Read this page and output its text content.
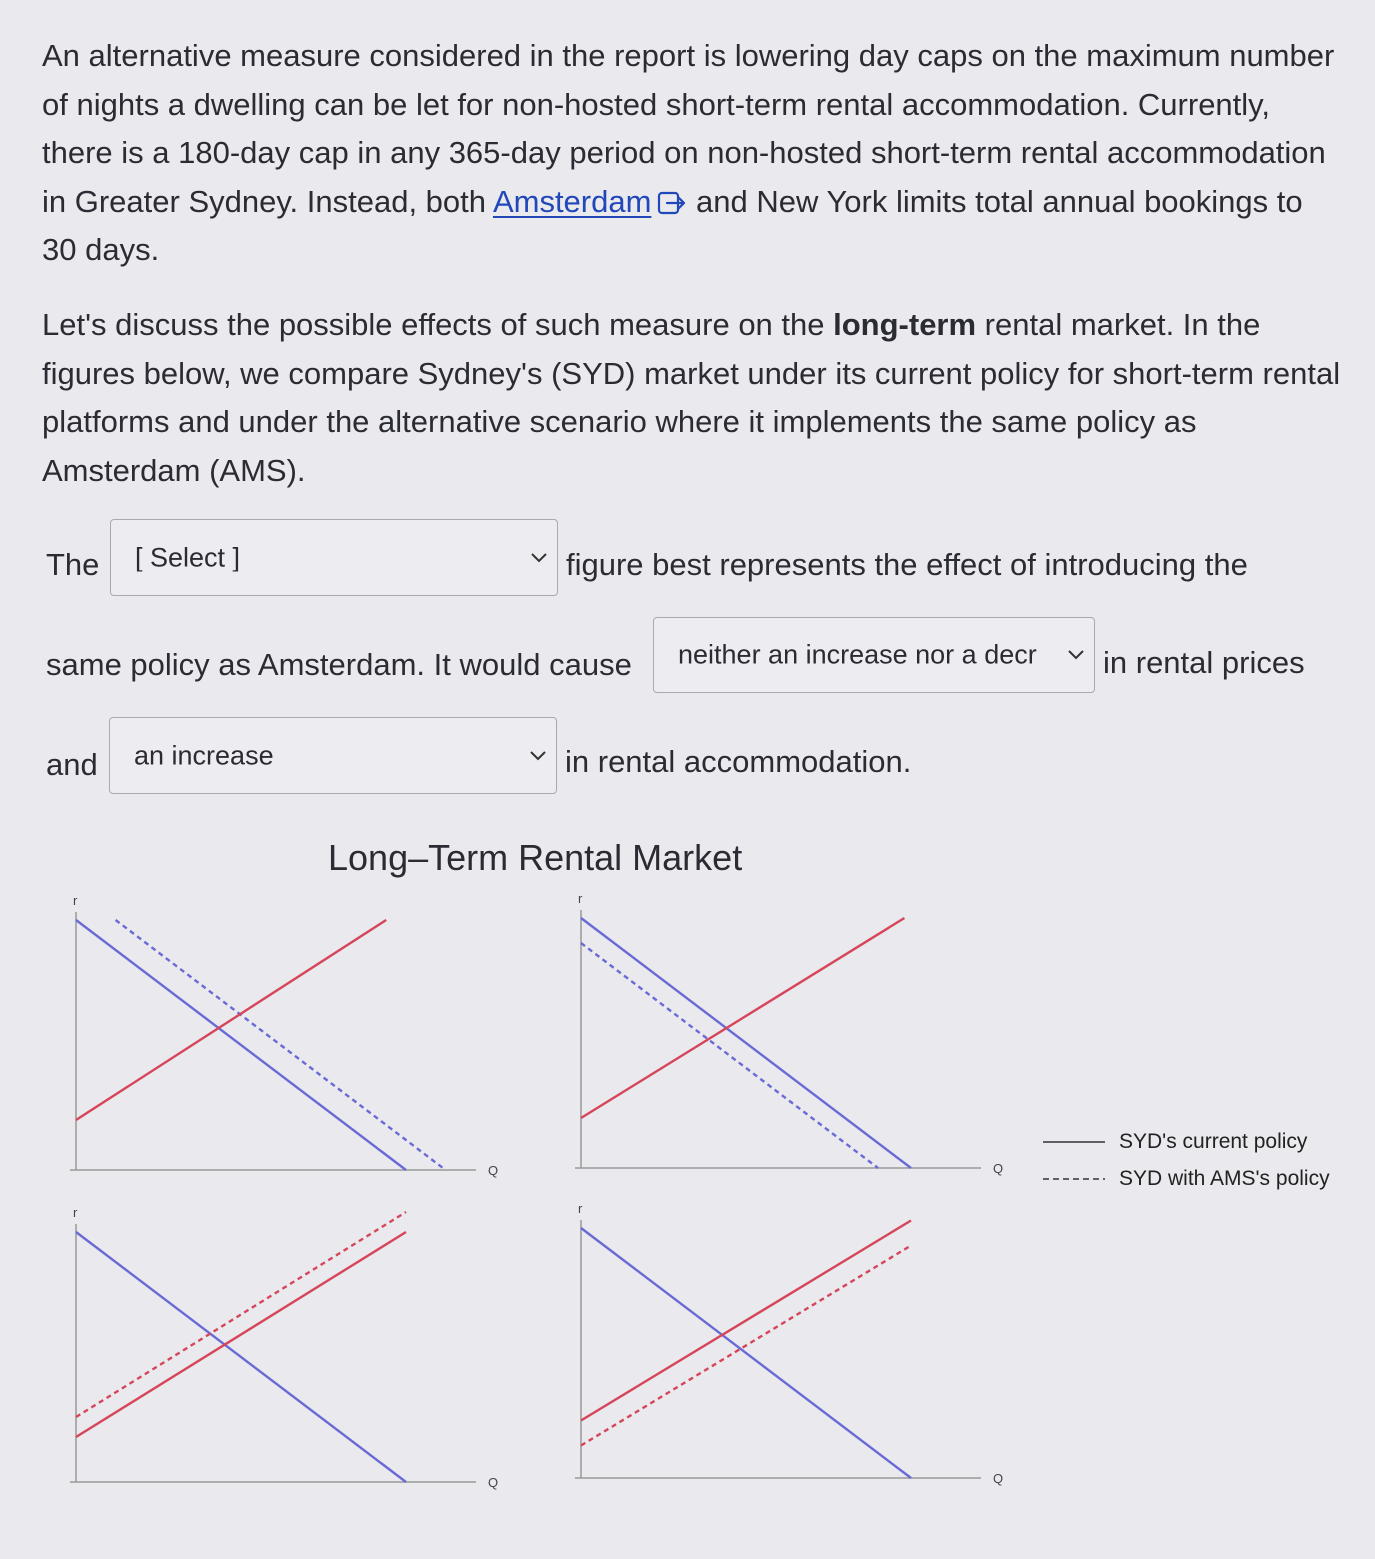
An alternative measure considered in the report is lowering day caps on the maximum number of nights a dwelling can be let for non-hosted short-term rental accommodation. Currently, there is a 180-day cap in any 365-day period on non-hosted short-term rental accommodation in Greater Sydney. Instead, both Amsterdam and New York limits total annual bookings to 30 days.

Let's discuss the possible effects of such measure on the long-term rental market. In the figures below, we compare Sydney's (SYD) market under its current policy for short-term rental platforms and under the alternative scenario where it implements the same policy as Amsterdam (AMS).

The [ Select ]	figure best represents the effect of introducing the
same policy as Amsterdam. It would cause neither an increase nor a decr in rental prices
and an increase	in rental accommodation.
Long–Term Rental Market
r
Q
r
Q
r
Q
r
Q
SYD's current policy
SYD with AMS's policy
